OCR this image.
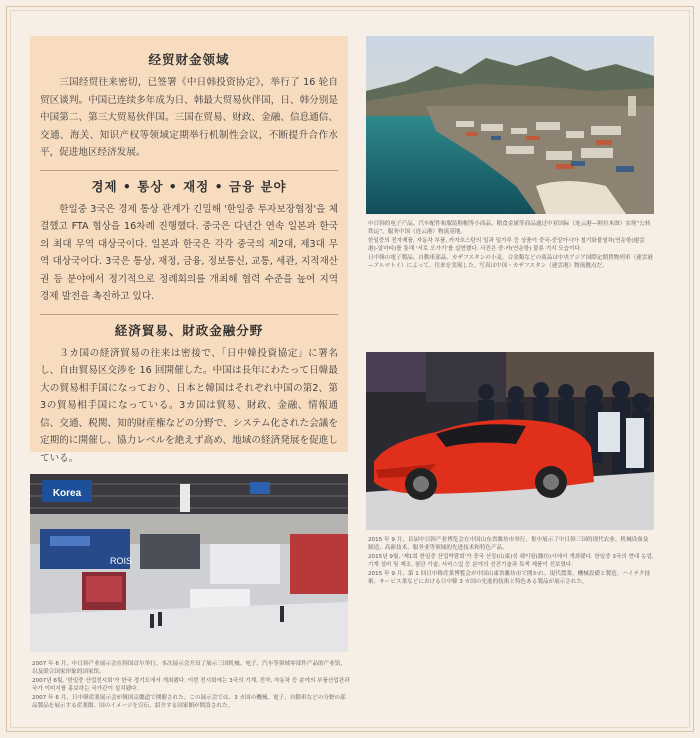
经贸财金领域
三国经贸往来密切，已签署《中日韩投资协定》，举行了 16 轮自贸区谈判。中国已连续多年成为日、韩最大贸易伙伴国，日、韩分别是中国第二、第三大贸易伙伴国。三国在贸易、财政、金融、信息通信、交通、海关、知识产权等领域定期举行机制性会议，不断提升合作水平，促进地区经济发展。
경제 • 통상 • 재정 • 금융 분야
한일중 3국은 경제 통상 관계가 긴밀해 '한일중 투자보장협정'을 체결했고 FTA 협상을 16차례 진행했다. 중국은 다년간 연속 일본과 한국의 최대 무역 대상국이다. 일본과 한국은 각각 중국의 제2대, 제3대 무역 대상국이다. 3국은 통상, 재정, 금융, 정보통신, 교통, 세관, 지적재산권 등 분야에서 정기적으로 정례회의를 개최해 협력 수준을 높여 지역 경제 발전을 촉진하고 있다.
経済貿易、財政金融分野
３カ国の経済貿易の往来は密接で、「日中韓投資協定」に署名し、自由貿易区交渉を 16 回開催した。中国は長年にわたって日韓最大の貿易相手国になっており、日本と韓国はそれぞれ中国の第2、第3の貿易相手国になっている。3カ国は貿易、財政、金融、情報通信、交通、税関、知的財産権などの分野で、システム化された会議を定期的に開催し、協力レベルを絶えず高め、地域の経済発展を促進している。

中日韩的电子产品、汽车配件和服装鞋帽等小商品、粮食金属等商品通过中亚国际（连云港—阿拉木图）实现“公转铁运”，服务中国（连云港）物流基地。

한일중의 전자제품, 자동차 부품, 카자흐스탄의 밀과 밀가루 등 상품이 중국-중앙아시아 철기화물열차(연운항(連雲港)-알마티)를 통해 '서로 오가기'를 실현했다. 사진은 중·카(연운항) 물류 기지 모습이다.

日中韓の電子製品、自動車部品、カザフスタンの小麦、合金類などの商品は中央アジア国際定期貨物列車（連雲港—アルマトイ）によって、往来を実現した。写真は中国・カザフスタン（連雲港）物流拠点だ。

2015 年 9 月，首届中日韩产业博览会在中国山东省潍坊市举行，集中展示了中日韩三国的现代农业、机械设备及制造、高新技术、服务业等领域的先进技术和特色产品。

2015년 9월, '제1회 한일중 산업박람회'가 중국 산둥(山東)성 웨이팡(濰坊)시에서 개최됐다. 한일중 3국의 현대 농업, 기계 설비 및 제조, 첨단 기술, 서비스업 등 분야의 선진기술과 특색 제품이 선보였다.

2015 年 9 月、第 1 回日中韓産業博覧会が中国山東省濰坊市で開かれ、現代農業、機械設備と製造、ハイテク技術、サービス業などにおける日中韓 3 カ国の先進的技術と特色ある製品が展示された。

Korea
ROIS

2007 年 6 月，中日韩产业展示会在韩国首尔举行。本次展示会开设了展示三国机械、电子、汽车等领域零部件产品的产业馆，以及联合国家形象的国家馆。

2007년 6월, '한일중 산업전시회'가 한국 경기도에서 개최됐다. 이번 전시회에는 3국의 기계, 전자, 자동차 등 분야의 부품산업관과 국가 이미지를 홍보하는 국가관이 설치됐다.

2007 年 6 月、日中韓産業展示会が韓国京畿道で開催された。この展示会では、3 カ国の機械、電子、自動車などの分野の部品製品を展示する産業館、国のイメージを宣伝、紹介する国家館が開設された。
